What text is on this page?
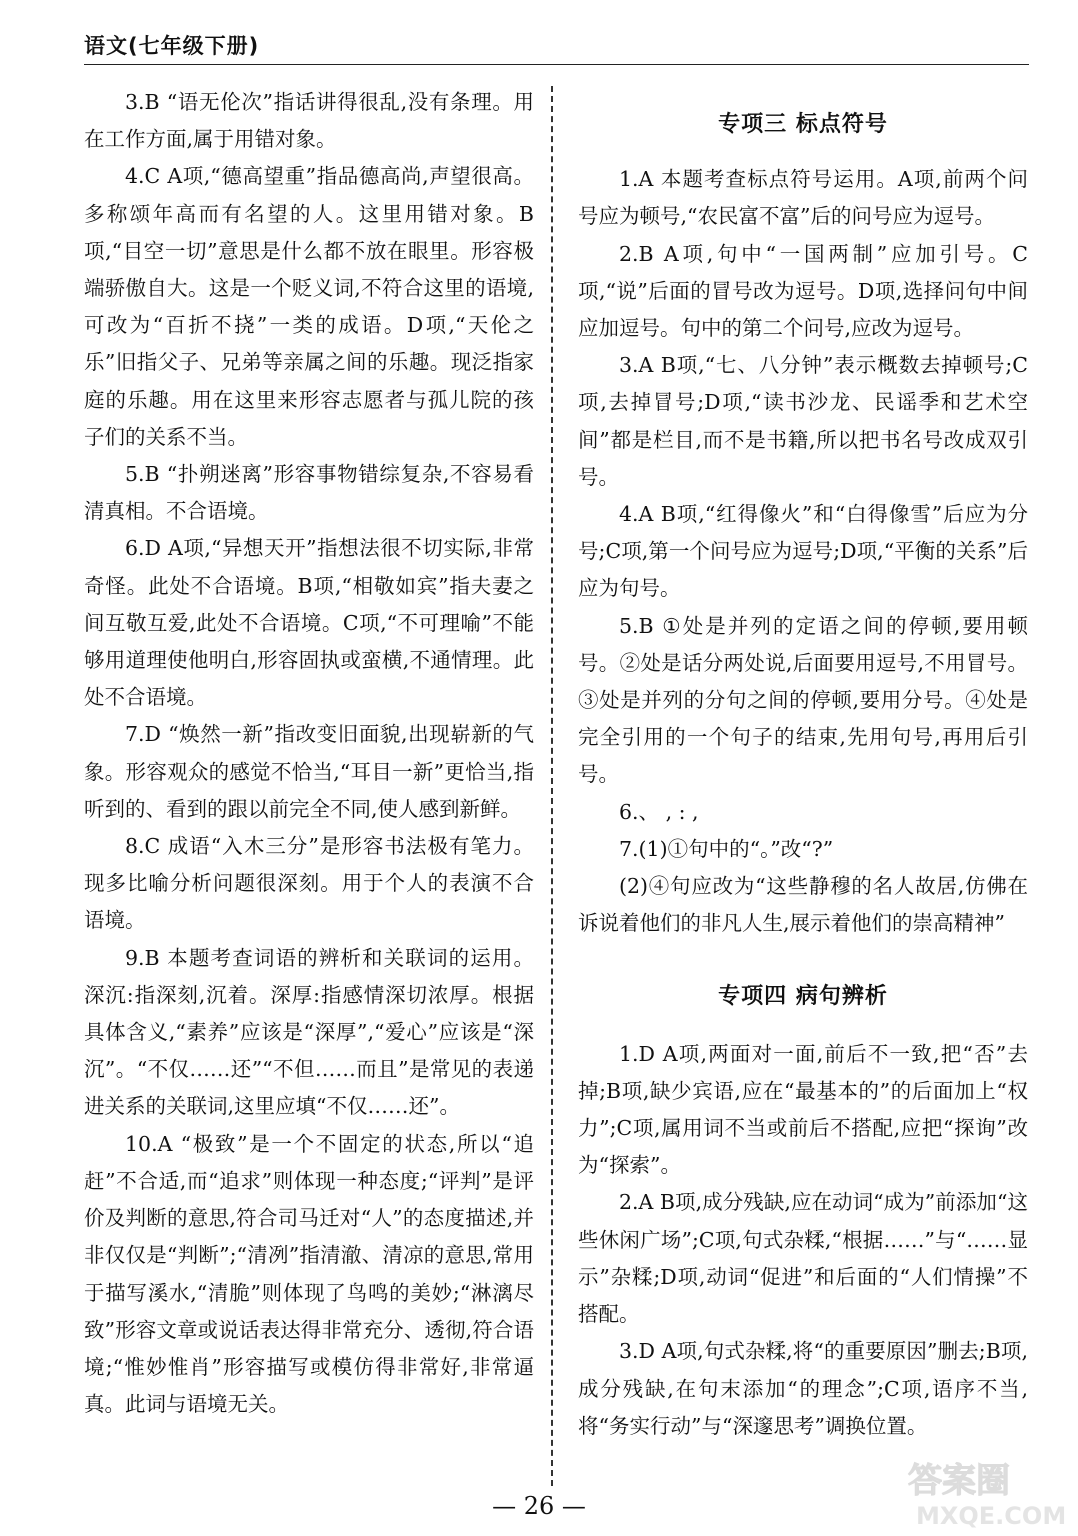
语文(七年级下册)

3.B “语无伦次”指话讲得很乱,没有条理。用在工作方面,属于用错对象。

4.C A项,“德高望重”指品德高尚,声望很高。多称颂年高而有名望的人。这里用错对象。B项,“目空一切”意思是什么都不放在眼里。形容极端骄傲自大。这是一个贬义词,不符合这里的语境,可改为“百折不挠”一类的成语。D项,“天伦之乐”旧指父子、兄弟等亲属之间的乐趣。现泛指家庭的乐趣。用在这里来形容志愿者与孤儿院的孩子们的关系不当。

5.B “扑朔迷离”形容事物错综复杂,不容易看清真相。不合语境。

6.D A项,“异想天开”指想法很不切实际,非常奇怪。此处不合语境。B项,“相敬如宾”指夫妻之间互敬互爱,此处不合语境。C项,“不可理喻”不能够用道理使他明白,形容固执或蛮横,不通情理。此处不合语境。

7.D “焕然一新”指改变旧面貌,出现崭新的气象。形容观众的感觉不恰当,“耳目一新”更恰当,指听到的、看到的跟以前完全不同,使人感到新鲜。

8.C 成语“入木三分”是形容书法极有笔力。现多比喻分析问题很深刻。用于个人的表演不合语境。

9.B 本题考查词语的辨析和关联词的运用。深沉:指深刻,沉着。深厚:指感情深切浓厚。根据具体含义,“素养”应该是“深厚”,“爱心”应该是“深沉”。“不仅……还”“不但……而且”是常见的表递进关系的关联词,这里应填“不仅……还”。

10.A “极致”是一个不固定的状态,所以“追赶”不合适,而“追求”则体现一种态度;“评判”是评价及判断的意思,符合司马迁对“人”的态度描述,并非仅仅是“判断”;“清冽”指清澈、清凉的意思,常用于描写溪水,“清脆”则体现了鸟鸣的美妙;“淋漓尽致”形容文章或说话表达得非常充分、透彻,符合语境;“惟妙惟肖”形容描写或模仿得非常好,非常逼真。此词与语境无关。

专项三 标点符号

1.A 本题考查标点符号运用。A项,前两个问号应为顿号,“农民富不富”后的问号应为逗号。

2.B A项,句中“一国两制”应加引号。C项,“说”后面的冒号改为逗号。D项,选择问句中间应加逗号。句中的第二个问号,应改为逗号。

3.A B项,“七、八分钟”表示概数去掉顿号;C项,去掉冒号;D项,“读书沙龙、民谣季和艺术空间”都是栏目,而不是书籍,所以把书名号改成双引号。

4.A B项,“红得像火”和“白得像雪”后应为分号;C项,第一个问号应为逗号;D项,“平衡的关系”后应为句号。

5.B ①处是并列的定语之间的停顿,要用顿号。②处是话分两处说,后面要用逗号,不用冒号。③处是并列的分句之间的停顿,要用分号。④处是完全引用的一个句子的结束,先用句号,再用后引号。

6.、 , : ,

7.(1)①句中的“。”改“?”

(2)④句应改为“这些静穆的名人故居,仿佛在诉说着他们的非凡人生,展示着他们的崇高精神”

专项四 病句辨析

1.D A项,两面对一面,前后不一致,把“否”去掉;B项,缺少宾语,应在“最基本的”的后面加上“权力”;C项,属用词不当或前后不搭配,应把“探询”改为“探索”。

2.A B项,成分残缺,应在动词“成为”前添加“这些休闲广场”;C项,句式杂糅,“根据……”与“……显示”杂糅;D项,动词“促进”和后面的“人们情操”不搭配。

3.D A项,句式杂糅,将“的重要原因”删去;B项,成分残缺,在句末添加“的理念”;C项,语序不当,将“务实行动”与“深邃思考”调换位置。

— 26 —
答案圈
MXQE.COM
